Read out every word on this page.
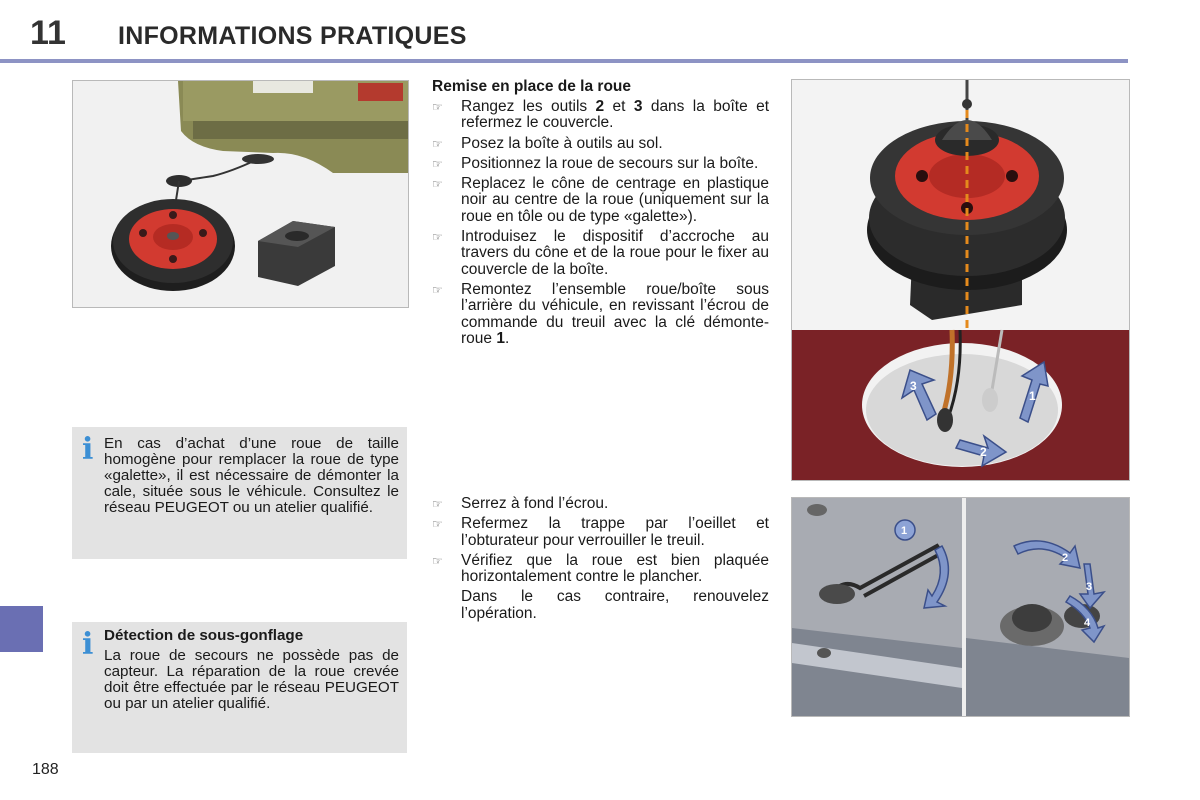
11 INFORMATIONS PRATIQUES
188
i En cas d’achat d’une roue de taille homogène pour remplacer la roue de type «galette», il est nécessaire de démonter la cale, située sous le véhicule. Consultez le réseau PEUGEOT ou un atelier qualifié.
i Détection de sous-gonflage
La roue de secours ne possède pas de capteur. La réparation de la roue crevée doit être effectuée par le réseau PEUGEOT ou par un atelier qualifié.
Remise en place de la roue
☞ Rangez les outils 2 et 3 dans la boîte et refermez le couvercle.
☞ Posez la boîte à outils au sol.
☞ Positionnez la roue de secours sur la boîte.
☞ Replacez le cône de centrage en plastique noir au centre de la roue (uniquement sur la roue en tôle ou de type «galette»).
☞ Introduisez le dispositif d’accroche au travers du cône et de la roue pour le fixer au couvercle de la boîte.
☞ Remontez l’ensemble roue/boîte sous l’arrière du véhicule, en revissant l’écrou de commande du treuil avec la clé démonte-roue 1.
☞ Serrez à fond l’écrou.
☞ Refermez la trappe par l’oeillet et l’obturateur pour verrouiller le treuil.
☞ Vérifiez que la roue est bien plaquée horizontalement contre le plancher.
Dans le cas contraire, renouvelez l’opération.
3
1
2
1
2
3
4
